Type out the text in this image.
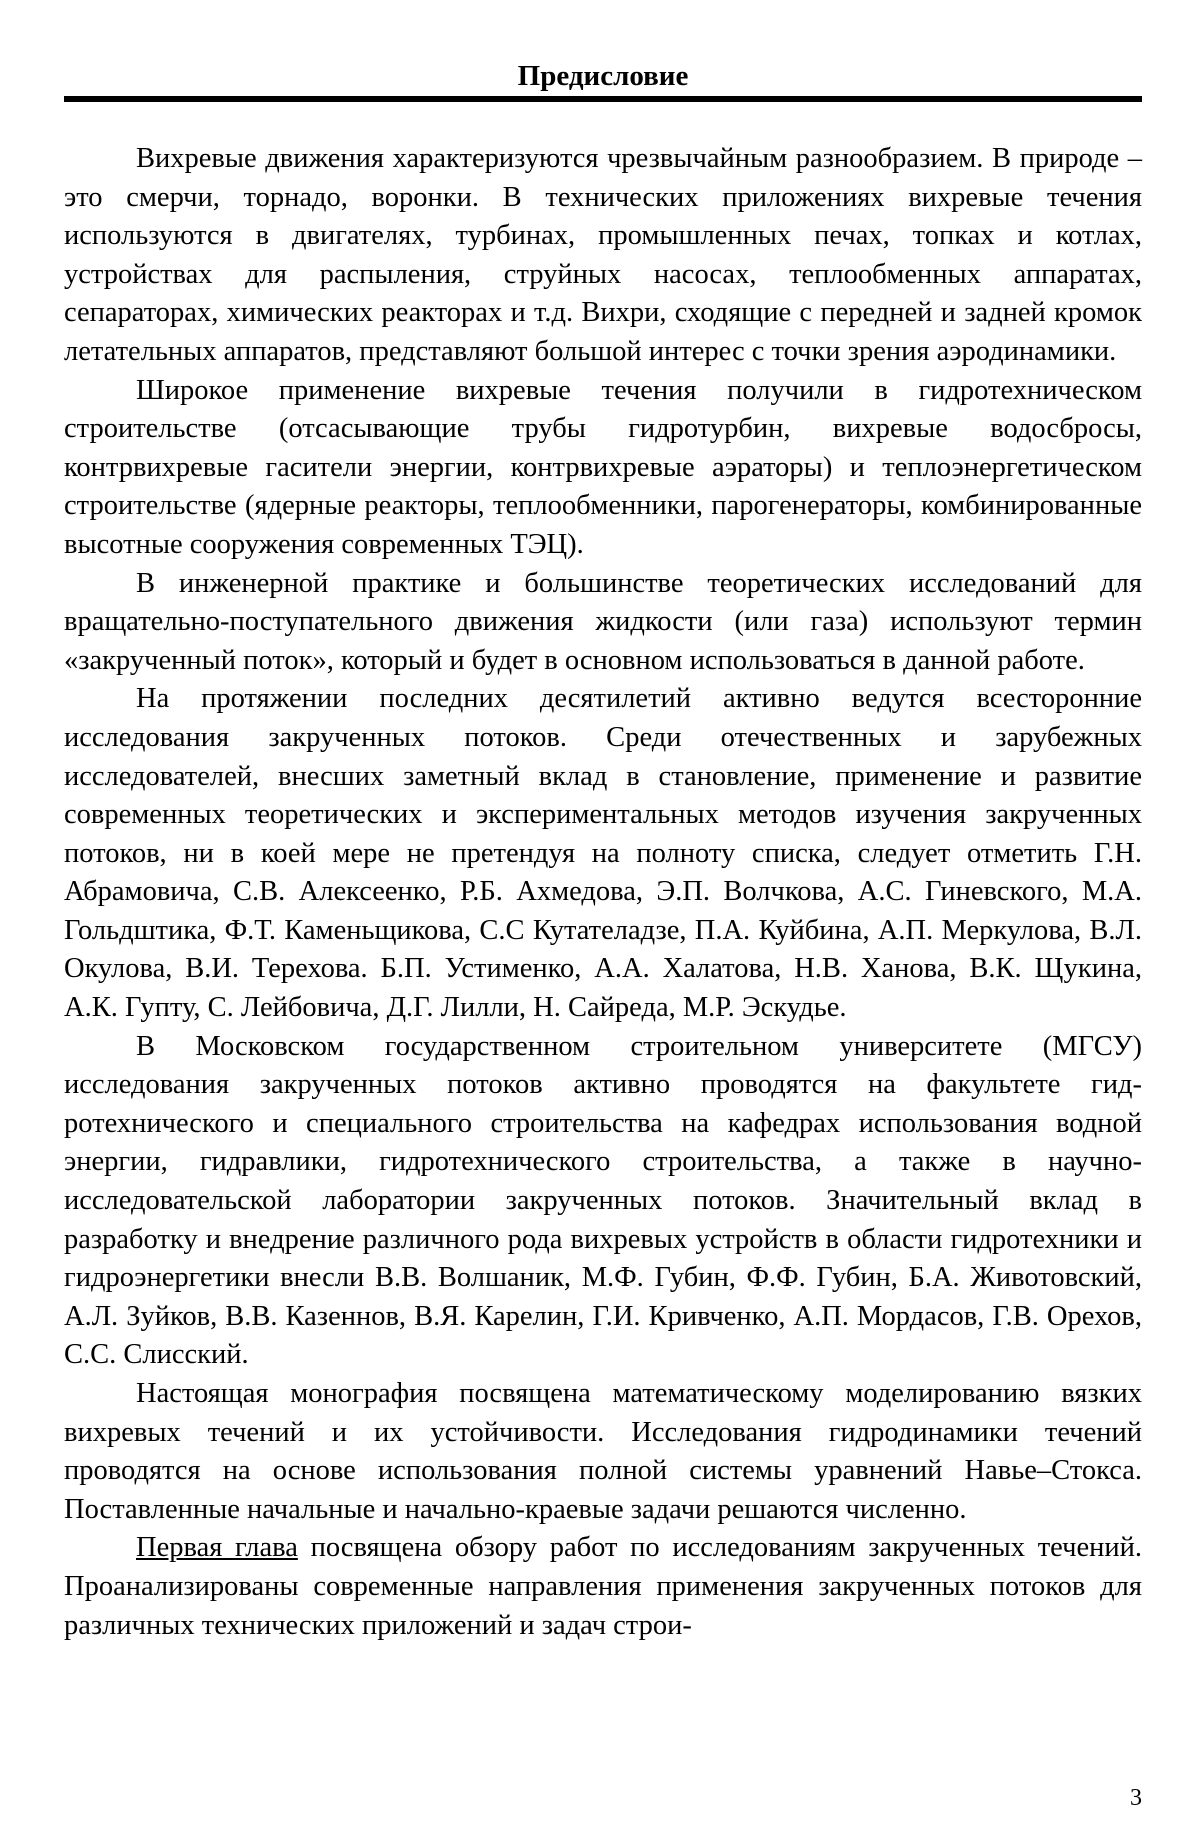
Предисловие

Вихревые движения характеризуются чрезвычайным разнообразием. В природе – это смерчи, торнадо, воронки. В технических приложениях вихревые течения используются в двигателях, турбинах, промышленных печах, топках и котлах, устройствах для распыления, струйных насосах, теплообменных аппаратах, сепараторах, химических реакторах и т.д. Вихри, сходящие с передней и задней кромок летательных аппаратов, представляют большой интерес с точки зрения аэродинамики.

Широкое применение вихревые течения получили в гидротехническом строительстве (отсасывающие трубы гидротурбин, вихревые водосбросы, контрвихревые гасители энергии, контрвихревые аэраторы) и теплоэнергетическом строительстве (ядерные реакторы, теплообменники, парогенераторы, комбинированные высотные сооружения современных ТЭЦ).

В инженерной практике и большинстве теоретических исследований для вращательно-поступательного движения жидкости (или газа) используют термин «закрученный поток», который и будет в основном использоваться в данной работе.

На протяжении последних десятилетий активно ведутся всесторонние исследования закрученных потоков. Среди отечественных и зарубежных исследователей, внесших заметный вклад в становление, применение и развитие современных теоретических и экспериментальных методов изучения закрученных потоков, ни в коей мере не претендуя на полноту списка, следует отметить Г.Н. Абрамовича, С.В. Алексеенко, Р.Б. Ахмедова, Э.П. Волчкова, А.С. Гиневского, М.А. Гольдштика, Ф.Т. Каменьщикова, С.С Кутателадзе, П.А. Куйбина, А.П. Меркулова, В.Л. Окулова, В.И. Терехова. Б.П. Устименко, А.А. Халатова, Н.В. Ханова, В.К. Щукина, А.К. Гупту, С. Лейбовича, Д.Г. Лилли, Н. Сайреда, М.Р. Эскудье.

В Московском государственном строительном университете (МГСУ) исследования закрученных потоков активно проводятся на факультете гидротехнического и специального строительства на кафедрах использования водной энергии, гидравлики, гидротехнического строительства, а также в научно-исследовательской лаборатории закрученных потоков. Значительный вклад в разработку и внедрение различного рода вихревых устройств в области гидротехники и гидроэнергетики внесли В.В. Волшаник, М.Ф. Губин, Ф.Ф. Губин, Б.А. Животовский, А.Л. Зуйков, В.В. Казеннов, В.Я. Карелин, Г.И. Кривченко, А.П. Мордасов, Г.В. Орехов, С.С. Слисский.

Настоящая монография посвящена математическому моделированию вязких вихревых течений и их устойчивости. Исследования гидродинамики течений проводятся на основе использования полной системы уравнений Навье–Стокса. Поставленные начальные и начально-краевые задачи решаются численно.

Первая глава посвящена обзору работ по исследованиям закрученных течений. Проанализированы современные направления применения закрученных потоков для различных технических приложений и задач строи-

3
